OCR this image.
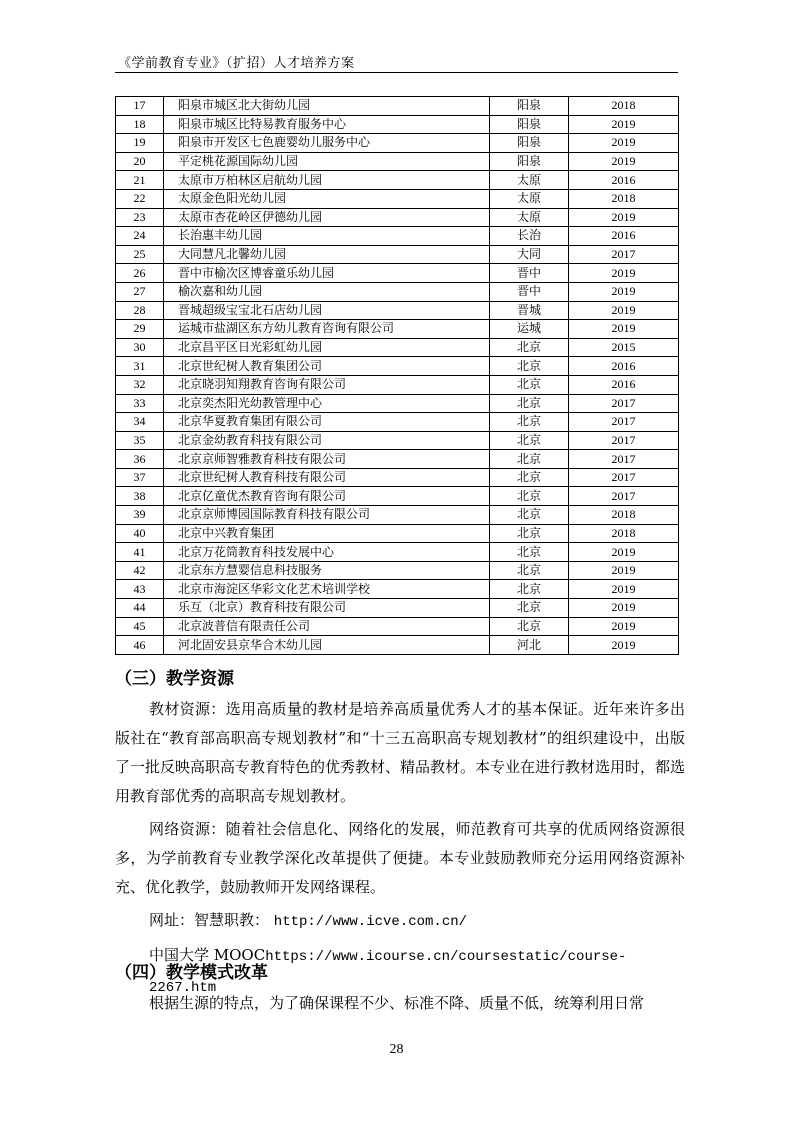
《学前教育专业》（扩招）人才培养方案
17	阳泉市城区北大街幼儿园	阳泉	2018
18	阳泉市城区比特易教育服务中心	阳泉	2019
19	阳泉市开发区七色鹿婴幼儿服务中心	阳泉	2019
20	平定桃花源国际幼儿园	阳泉	2019
21	太原市万柏林区启航幼儿园	太原	2016
22	太原金色阳光幼儿园	太原	2018
23	太原市杏花岭区伊德幼儿园	太原	2019
24	长治惠丰幼儿园	长治	2016
25	大同慧凡北馨幼儿园	大同	2017
26	晋中市榆次区博睿童乐幼儿园	晋中	2019
27	榆次嘉和幼儿园	晋中	2019
28	晋城超级宝宝北石店幼儿园	晋城	2019
29	运城市盐湖区东方幼儿教育咨询有限公司	运城	2019
30	北京昌平区日光彩虹幼儿园	北京	2015
31	北京世纪树人教育集团公司	北京	2016
32	北京晓羽知翔教育咨询有限公司	北京	2016
33	北京奕杰阳光幼教管理中心	北京	2017
34	北京华夏教育集团有限公司	北京	2017
35	北京金幼教育科技有限公司	北京	2017
36	北京京师智雅教育科技有限公司	北京	2017
37	北京世纪树人教育科技有限公司	北京	2017
38	北京亿童优杰教育咨询有限公司	北京	2017
39	北京京师博园国际教育科技有限公司	北京	2018
40	北京中兴教育集团	北京	2018
41	北京万花筒教育科技发展中心	北京	2019
42	北京东方慧婴信息科技服务	北京	2019
43	北京市海淀区华彩文化艺术培训学校	北京	2019
44	乐互（北京）教育科技有限公司	北京	2019
45	北京波普信有限责任公司	北京	2019
46	河北固安县京华合木幼儿园	河北	2019
（三）教学资源

教材资源：选用高质量的教材是培养高质量优秀人才的基本保证。近年来许多出版社在“教育部高职高专规划教材”和“十三五高职高专规划教材”的组织建设中，出版了一批反映高职高专教育特色的优秀教材、精品教材。本专业在进行教材选用时，都选用教育部优秀的高职高专规划教材。

网络资源：随着社会信息化、网络化的发展，师范教育可共享的优质网络资源很多，为学前教育专业教学深化改革提供了便捷。本专业鼓励教师充分运用网络资源补充、优化教学，鼓励教师开发网络课程。

网址：智慧职教： http://www.icve.com.cn/

中国大学 MOOChttps://www.icourse.cn/coursestatic/course-2267.htm

（四）教学模式改革

根据生源的特点，为了确保课程不少、标准不降、质量不低，统筹利用日常

28
